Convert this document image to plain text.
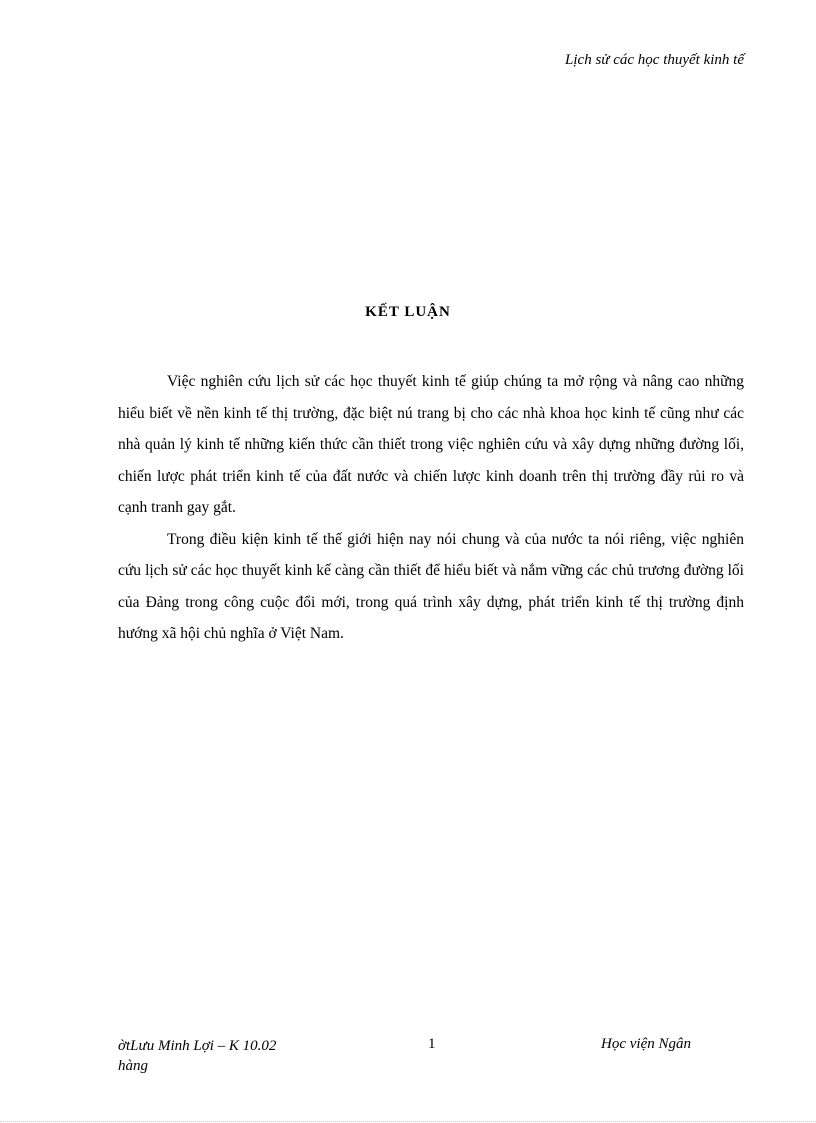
Lịch sử các học thuyết kinh tế
KẾT LUẬN

Việc nghiên cứu lịch sử các học thuyết kinh tế giúp chúng ta mở rộng và nâng cao những hiểu biết về nền kinh tế thị trường, đặc biệt nú trang bị cho các nhà khoa học kinh tế cũng như các nhà quản lý kinh tế những kiến thức cần thiết trong việc nghiên cứu và xây dựng những đường lối, chiến lược phát triển kinh tế của đất nước và chiến lược kinh doanh trên thị trường đầy rủi ro và cạnh tranh gay gắt.

Trong điều kiện kinh tế thế giới hiện nay nói chung và của nước ta nói riêng, việc nghiên cứu lịch sử các học thuyết kinh kế càng cần thiết để hiểu biết và nắm vững các chủ trương đường lối của Đảng trong công cuộc đổi mới, trong quá trình xây dựng, phát triển kinh tế thị trường định hướng xã hội chủ nghĩa ở Việt Nam.

ờtLưu Minh Lợi – K 10.02 hàng
1	Học viện Ngân
